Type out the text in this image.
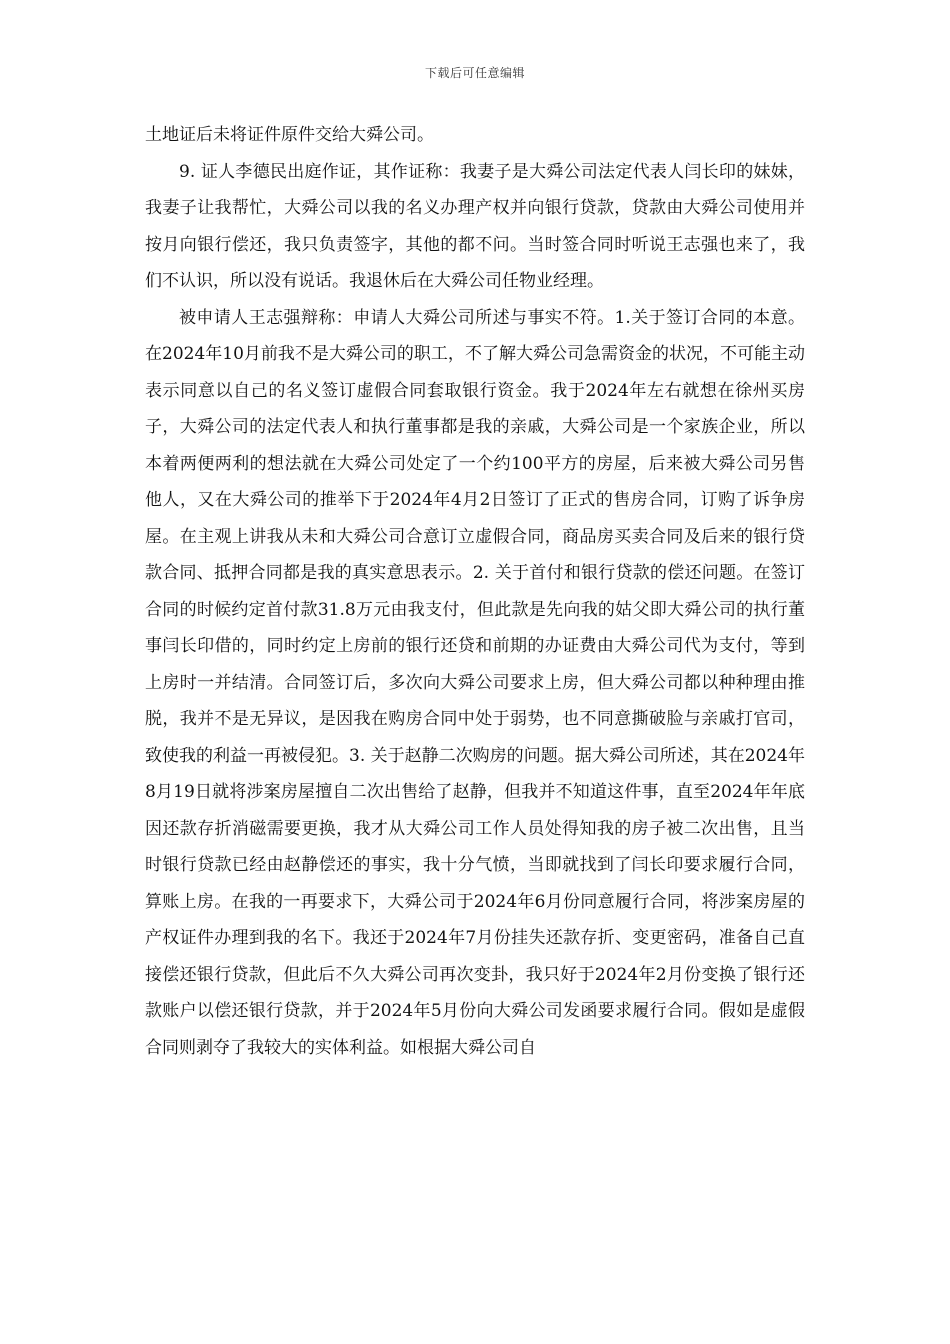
下载后可任意编辑

土地证后未将证件原件交给大舜公司。

9. 证人李德民出庭作证，其作证称：我妻子是大舜公司法定代表人闫长印的妹妹，我妻子让我帮忙，大舜公司以我的名义办理产权并向银行贷款，贷款由大舜公司使用并按月向银行偿还，我只负责签字，其他的都不问。当时签合同时听说王志强也来了，我们不认识，所以没有说话。我退休后在大舜公司任物业经理。

被申请人王志强辩称：申请人大舜公司所述与事实不符。1.关于签订合同的本意。在2024年10月前我不是大舜公司的职工，不了解大舜公司急需资金的状况，不可能主动表示同意以自己的名义签订虚假合同套取银行资金。我于2024年左右就想在徐州买房子，大舜公司的法定代表人和执行董事都是我的亲戚，大舜公司是一个家族企业，所以本着两便两利的想法就在大舜公司处定了一个约100平方的房屋，后来被大舜公司另售他人，又在大舜公司的推举下于2024年4月2日签订了正式的售房合同，订购了诉争房屋。在主观上讲我从未和大舜公司合意订立虚假合同，商品房买卖合同及后来的银行贷款合同、抵押合同都是我的真实意思表示。2. 关于首付和银行贷款的偿还问题。在签订合同的时候约定首付款31.8万元由我支付，但此款是先向我的姑父即大舜公司的执行董事闫长印借的，同时约定上房前的银行还贷和前期的办证费由大舜公司代为支付，等到上房时一并结清。合同签订后，多次向大舜公司要求上房，但大舜公司都以种种理由推脱，我并不是无异议，是因我在购房合同中处于弱势，也不同意撕破脸与亲戚打官司，致使我的利益一再被侵犯。3. 关于赵静二次购房的问题。据大舜公司所述，其在2024年8月19日就将涉案房屋擅自二次出售给了赵静，但我并不知道这件事，直至2024年年底因还款存折消磁需要更换，我才从大舜公司工作人员处得知我的房子被二次出售，且当时银行贷款已经由赵静偿还的事实，我十分气愤，当即就找到了闫长印要求履行合同，算账上房。在我的一再要求下，大舜公司于2024年6月份同意履行合同，将涉案房屋的产权证件办理到我的名下。我还于2024年7月份挂失还款存折、变更密码，准备自己直接偿还银行贷款，但此后不久大舜公司再次变卦，我只好于2024年2月份变换了银行还款账户以偿还银行贷款，并于2024年5月份向大舜公司发函要求履行合同。假如是虚假合同则剥夺了我较大的实体利益。如根据大舜公司自
